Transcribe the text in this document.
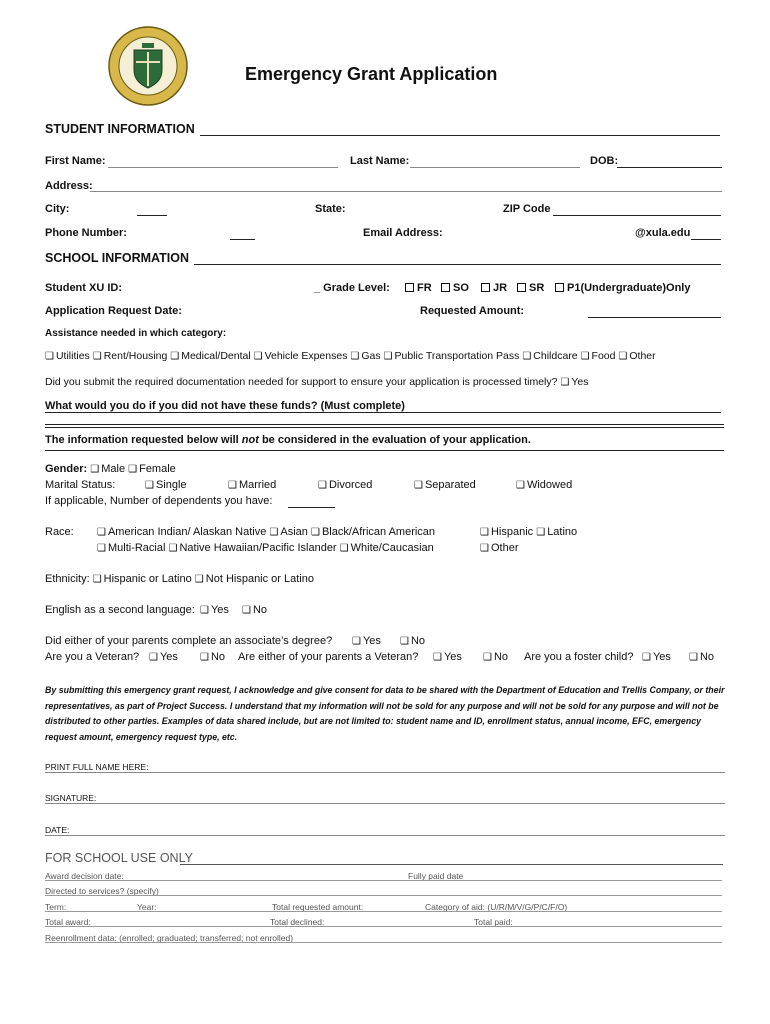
Emergency Grant Application
STUDENT INFORMATION
First Name:	Last Name:	DOB:
Address:
City:	State:	ZIP Code
Phone Number:	Email Address:	@xula.edu
SCHOOL INFORMATION
Student XU ID:	_ Grade Level:	FR	SO	JR	SR	P1(Undergraduate)Only
Application Request Date:	Requested Amount:
Assistance needed in which category:
❑ Utilities ❑ Rent/Housing ❑ Medical/Dental ❑ Vehicle Expenses ❑ Gas ❑ Public Transportation Pass ❑ Childcare ❑ Food ❑ Other
Did you submit the required documentation needed for support to ensure your application is processed timely? ❑ Yes
What would you do if you did not have these funds? (Must complete)
The information requested below will not be considered in the evaluation of your application.
Gender: ❑ Male ❑ Female
Marital Status:	❑ Single	❑ Married	❑ Divorced	❑ Separated	❑ Widowed
If applicable, Number of dependents you have:
Race: ❑ American Indian/ Alaskan Native ❑ Asian ❑ Black/African American	❑ Hispanic ❑ Latino
❑ Multi-Racial ❑ Native Hawaiian/Pacific Islander ❑ White/Caucasian	❑ Other
Ethnicity: ❑ Hispanic or Latino ❑ Not Hispanic or Latino
English as a second language: ❑ Yes ❑ No
Did either of your parents complete an associate’s degree? ❑ Yes ❑ No
Are you a Veteran? ❑ Yes ❑ No Are either of your parents a Veteran? ❑ Yes ❑ No Are you a foster child? ❑ Yes ❑ No
By submitting this emergency grant request, I acknowledge and give consent for data to be shared with the Department of Education and Trellis Company, or their representatives, as part of Project Success. I understand that my information will not be sold for any purpose and will not be sold for any purpose and will not be distributed to other parties. Examples of data shared include, but are not limited to: student name and ID, enrollment status, annual income, EFC, emergency request amount, emergency request type, etc.
PRINT FULL NAME HERE:
SIGNATURE:
DATE:
FOR SCHOOL USE ONLY
Award decision date:	Fully paid date
Directed to services? (specify)
Term:	Year:	Total requested amount:	Category of aid: (U/R/M/V/G/P/C/F/O)
Total award:	Total declined:	Total paid:
Reenrollment data: (enrolled; graduated; transferred; not enrolled)
